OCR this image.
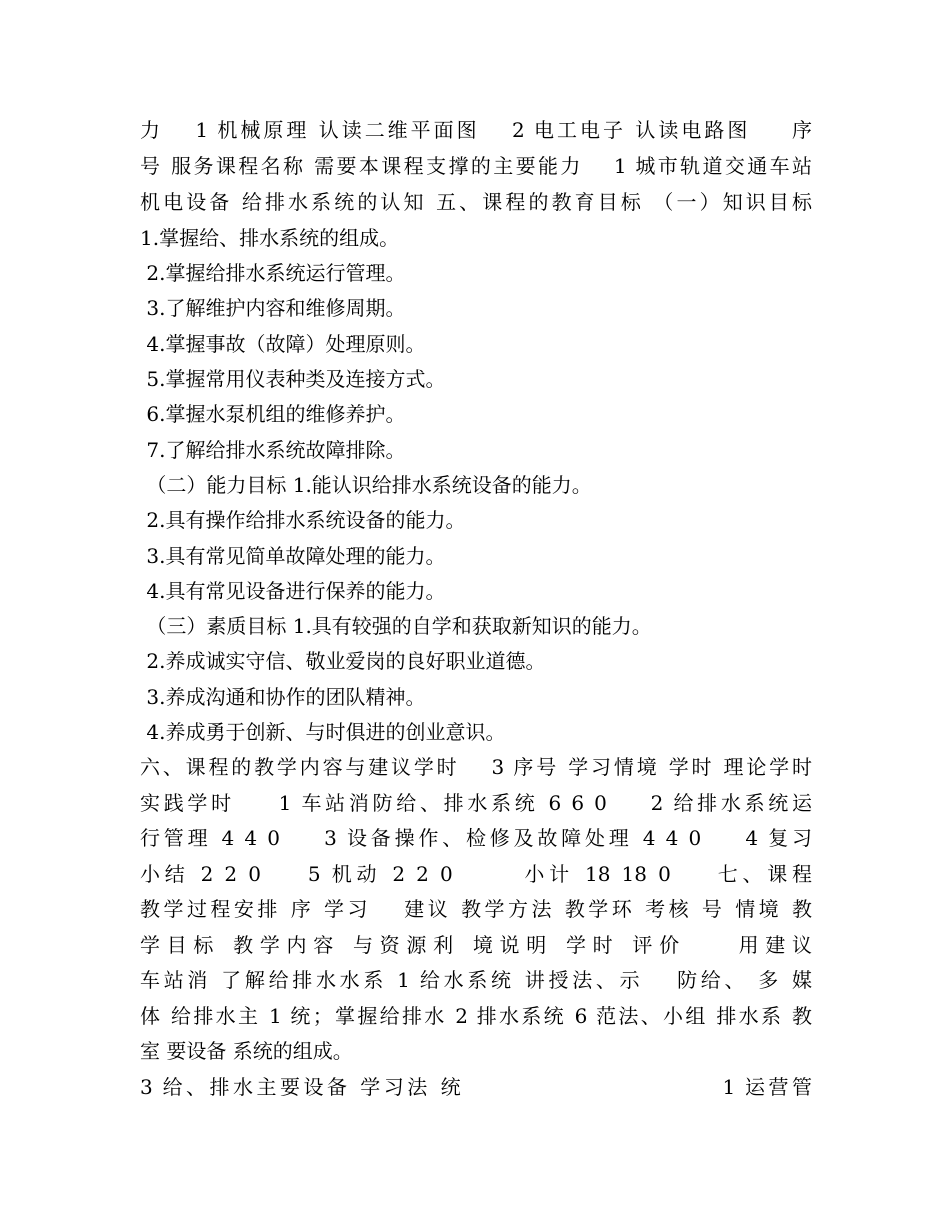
力　 1 机械原理 认读二维平面图 　2 电工电子 认读电路图 　 序

号 服务课程名称 需要本课程支撑的主要能力 　1 城市轨道交通车站

机电设备 给排水系统的认知 五、课程的教育目标 （一）知识目标

1.掌握给、排水系统的组成。

2.掌握给排水系统运行管理。

3.了解维护内容和维修周期。

4.掌握事故（故障）处理原则。

5.掌握常用仪表种类及连接方式。

6.掌握水泵机组的维修养护。

7.了解给排水系统故障排除。

（二）能力目标 1.能认识给排水系统设备的能力。

2.具有操作给排水系统设备的能力。

3.具有常见简单故障处理的能力。

4.具有常见设备进行保养的能力。

（三）素质目标 1.具有较强的自学和获取新知识的能力。

2.养成诚实守信、敬业爱岗的良好职业道德。

3.养成沟通和协作的团队精神。

4.养成勇于创新、与时俱进的创业意识。

六、课程的教学内容与建议学时 　3 序号 学习情境 学时 理论学时

实践学时 　 1 车站消防给、排水系统 6 6 0 　 2 给排水系统运

行管理 4 4 0 　 3 设备操作、检修及故障处理 4 4 0 　 4 复习

小结 2 2 0 　 5 机动 2 2 0 　　 小计 18 18 0 　 七、课程

教学过程安排 序 学习 　建议 教学方法 教学环 考核 号 情境 教

学目标 教学内容 与资源利 境说明 学时 评价 　 用建议

车站消 了解给排水水系 1 给水系统 讲授法、示 　防给、 多 媒

体 给排水主 1 统；掌握给排水 2 排水系统 6 范法、小组 排水系 教

室 要设备 系统的组成。

3 给、排水主要设备 学习法 统　　　　　　　　　　　1 运营管
